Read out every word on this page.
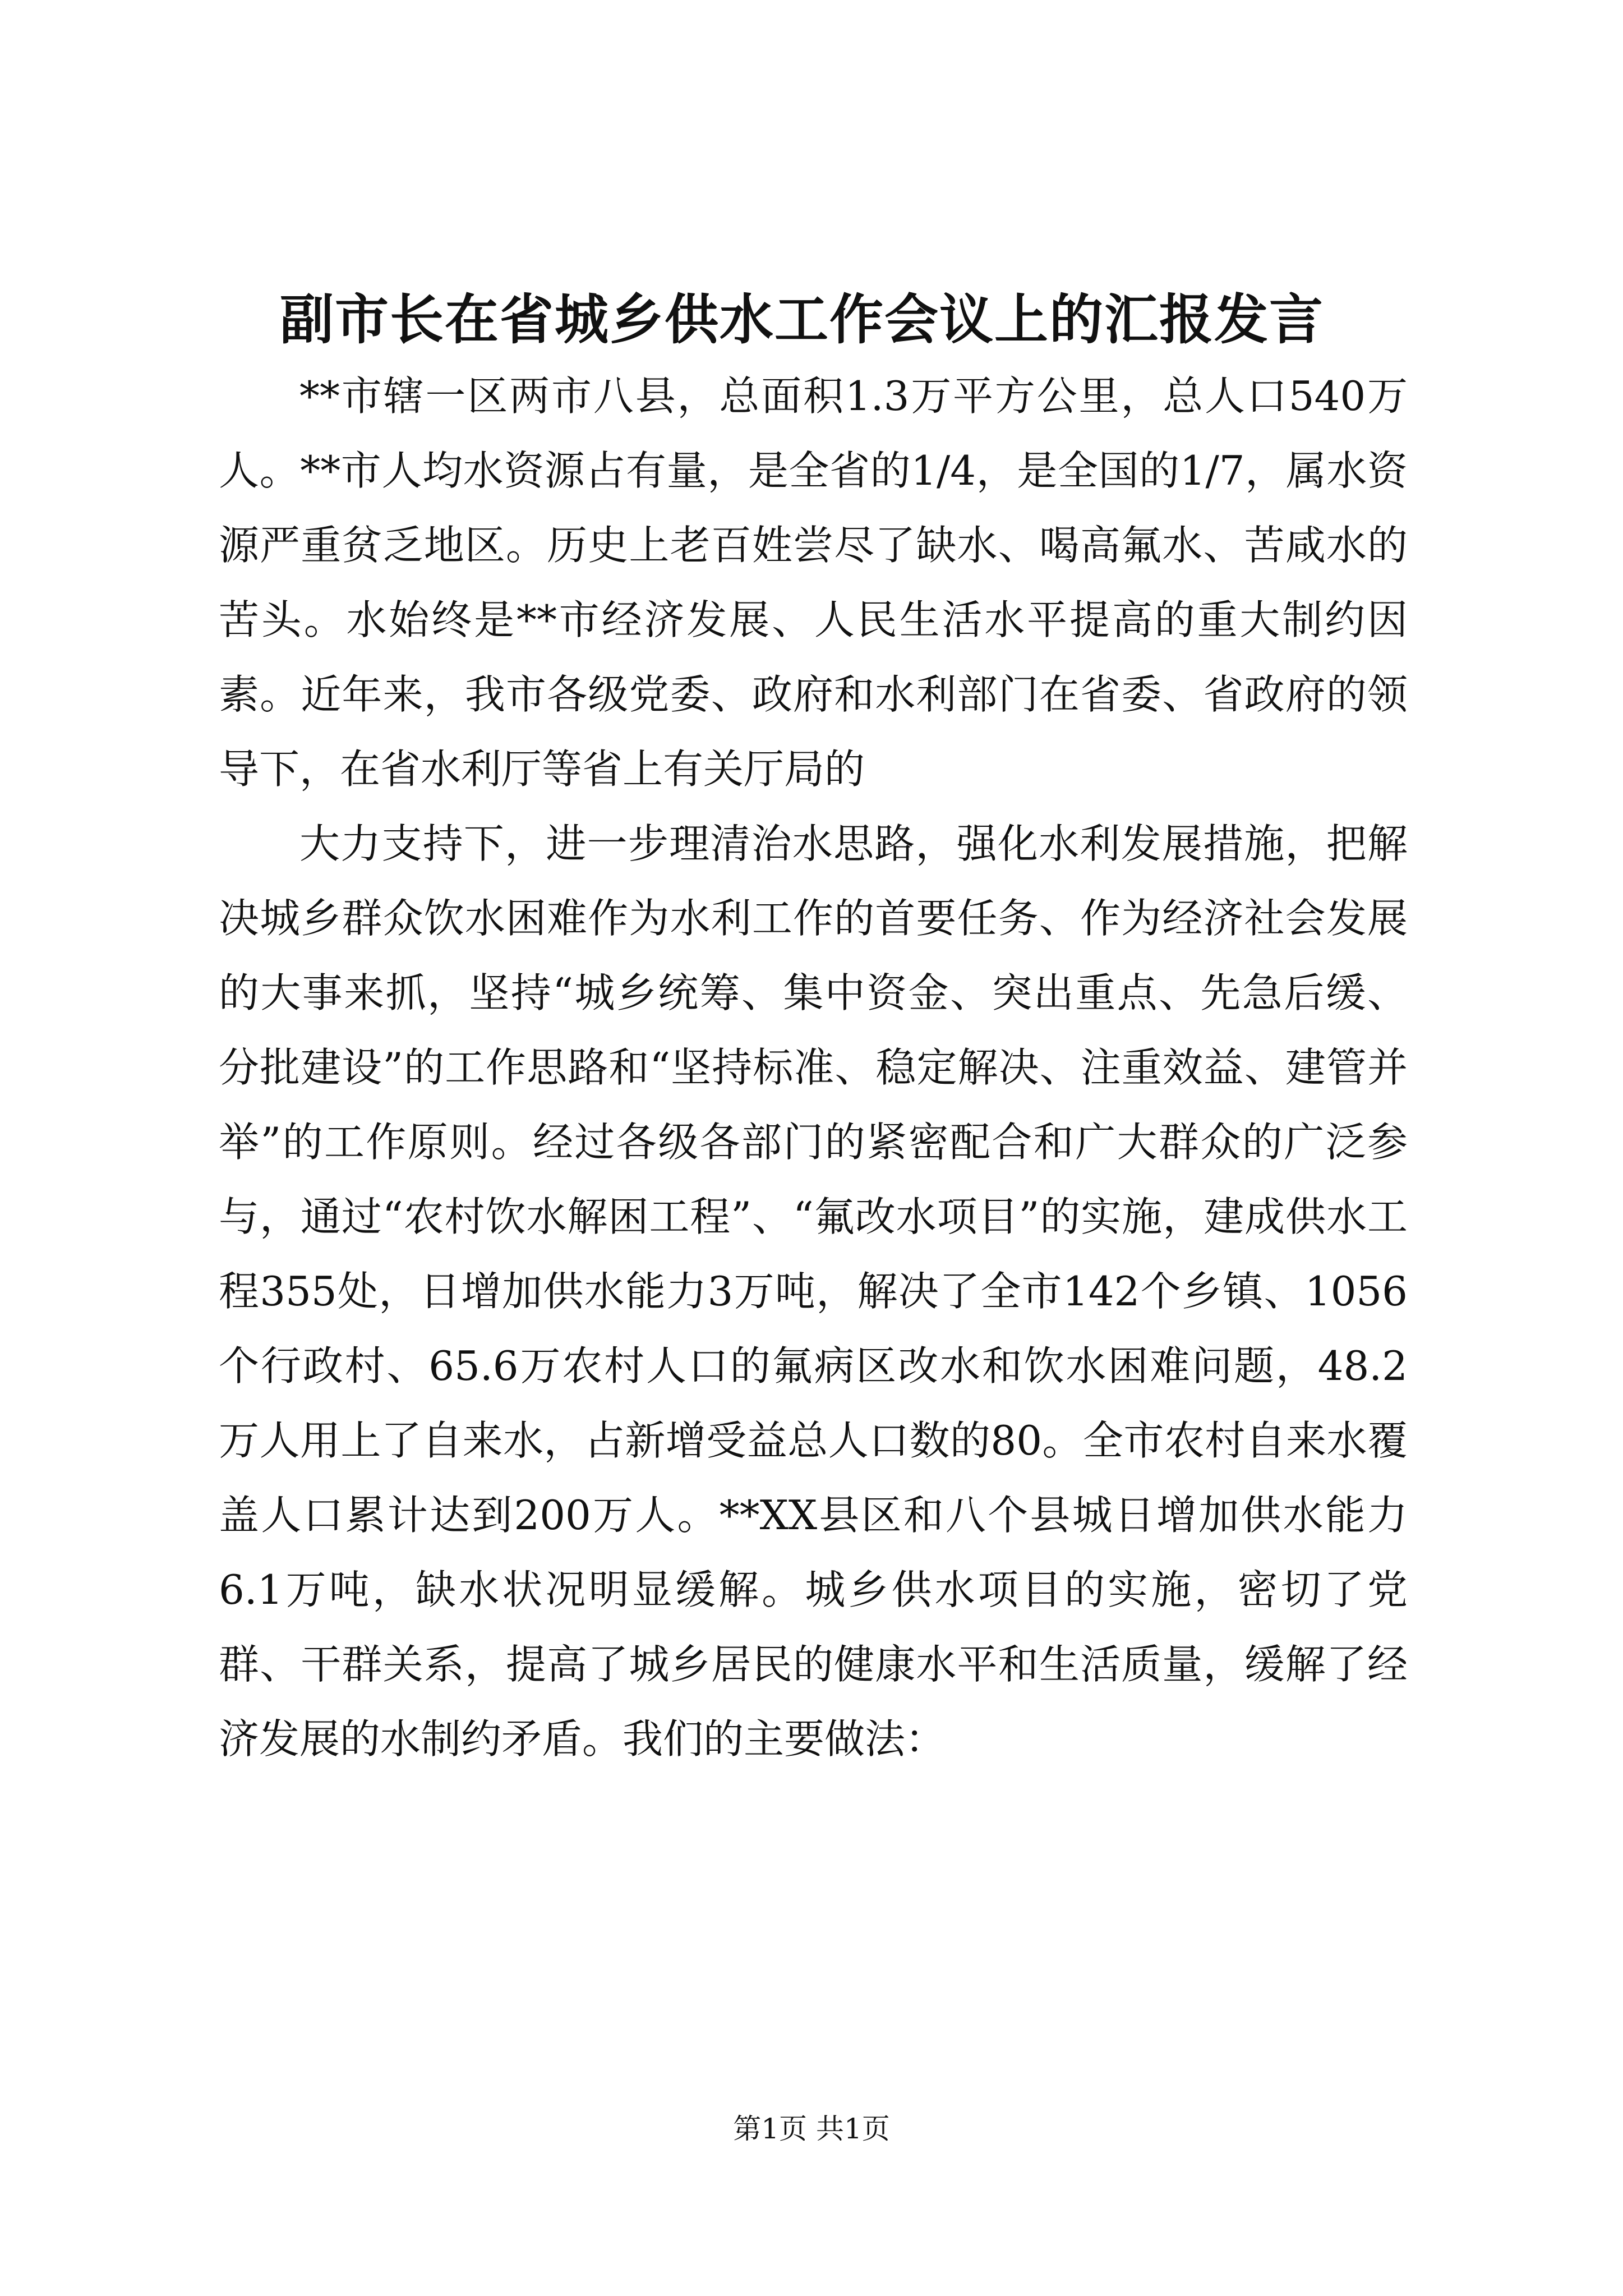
副市长在省城乡供水工作会议上的汇报发言

**市辖一区两市八县，总面积1.3万平方公里，总人口540万人。**市人均水资源占有量，是全省的1/4，是全国的1/7，属水资源严重贫乏地区。历史上老百姓尝尽了缺水、喝高氟水、苦咸水的苦头。水始终是**市经济发展、人民生活水平提高的重大制约因素。近年来，我市各级党委、政府和水利部门在省委、省政府的领导下，在省水利厅等省上有关厅局的

大力支持下，进一步理清治水思路，强化水利发展措施，把解决城乡群众饮水困难作为水利工作的首要任务、作为经济社会发展的大事来抓，坚持“城乡统筹、集中资金、突出重点、先急后缓、分批建设”的工作思路和“坚持标准、稳定解决、注重效益、建管并举”的工作原则。经过各级各部门的紧密配合和广大群众的广泛参与，通过“农村饮水解困工程”、“氟改水项目”的实施，建成供水工程355处，日增加供水能力3万吨，解决了全市142个乡镇、1056个行政村、65.6万农村人口的氟病区改水和饮水困难问题，48.2万人用上了自来水，占新增受益总人口数的80。全市农村自来水覆盖人口累计达到200万人。**XX县区和八个县城日增加供水能力6.1万吨，缺水状况明显缓解。城乡供水项目的实施，密切了党群、干群关系，提高了城乡居民的健康水平和生活质量，缓解了经济发展的水制约矛盾。我们的主要做法：

第1页 共1页
